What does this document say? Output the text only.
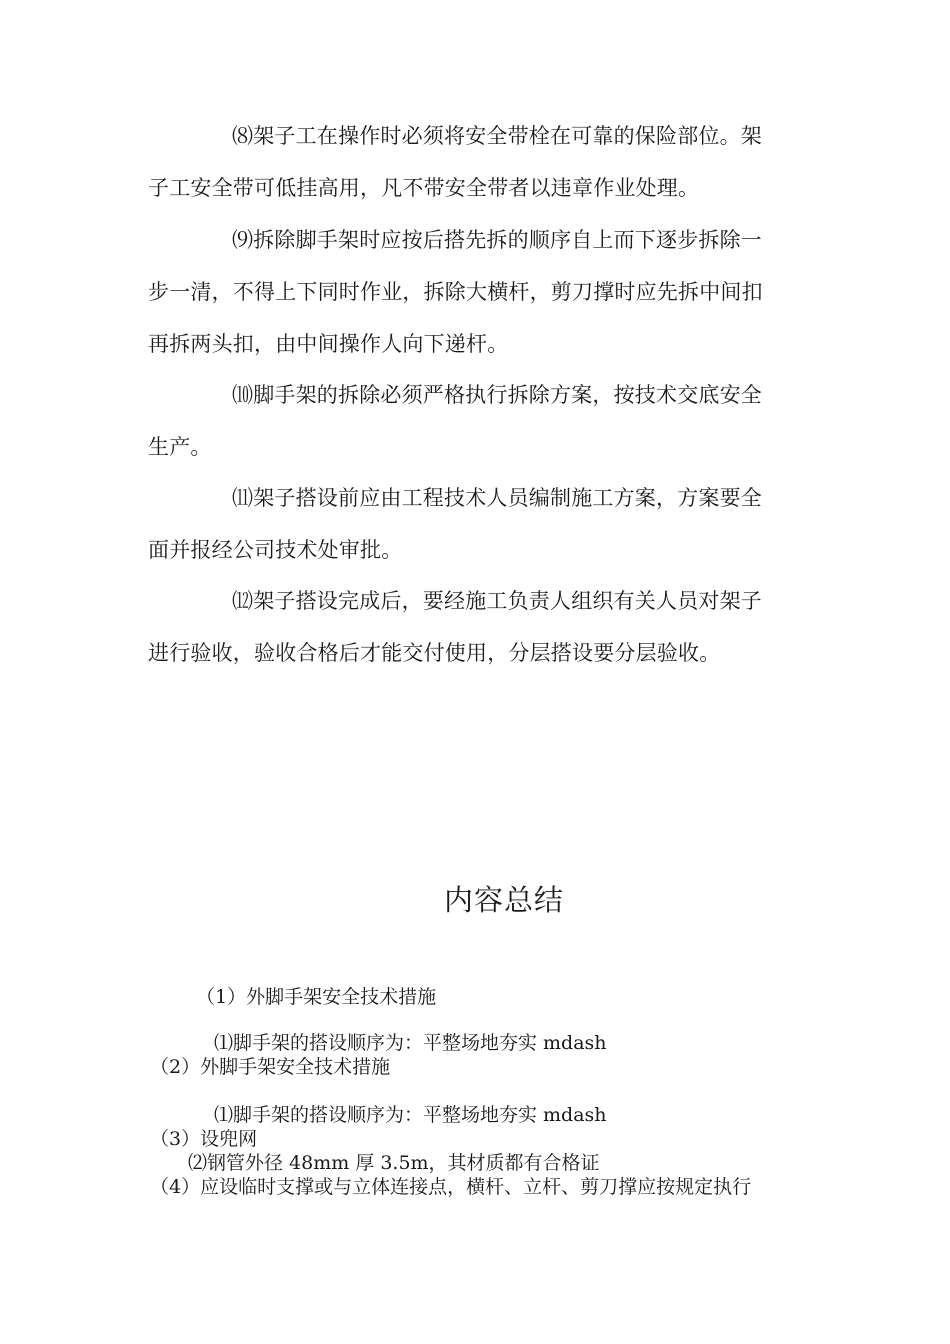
⑻架子工在操作时必须将安全带栓在可靠的保险部位。架
子工安全带可低挂高用，凡不带安全带者以违章作业处理。
⑼拆除脚手架时应按后搭先拆的顺序自上而下逐步拆除一
步一清，不得上下同时作业，拆除大横杆，剪刀撑时应先拆中间扣
再拆两头扣，由中间操作人向下递杆。
⑽脚手架的拆除必须严格执行拆除方案，按技术交底安全
生产。
⑾架子搭设前应由工程技术人员编制施工方案，方案要全
面并报经公司技术处审批。
⑿架子搭设完成后，要经施工负责人组织有关人员对架子
进行验收，验收合格后才能交付使用，分层搭设要分层验收。
内容总结
（1）外脚手架安全技术措施
⑴脚手架的搭设顺序为：平整场地夯实 mdash
（2）外脚手架安全技术措施
⑴脚手架的搭设顺序为：平整场地夯实 mdash
（3）设兜网
⑵钢管外径 48mm 厚 3.5m，其材质都有合格证
（4）应设临时支撑或与立体连接点，横杆、立杆、剪刀撑应按规定执行
